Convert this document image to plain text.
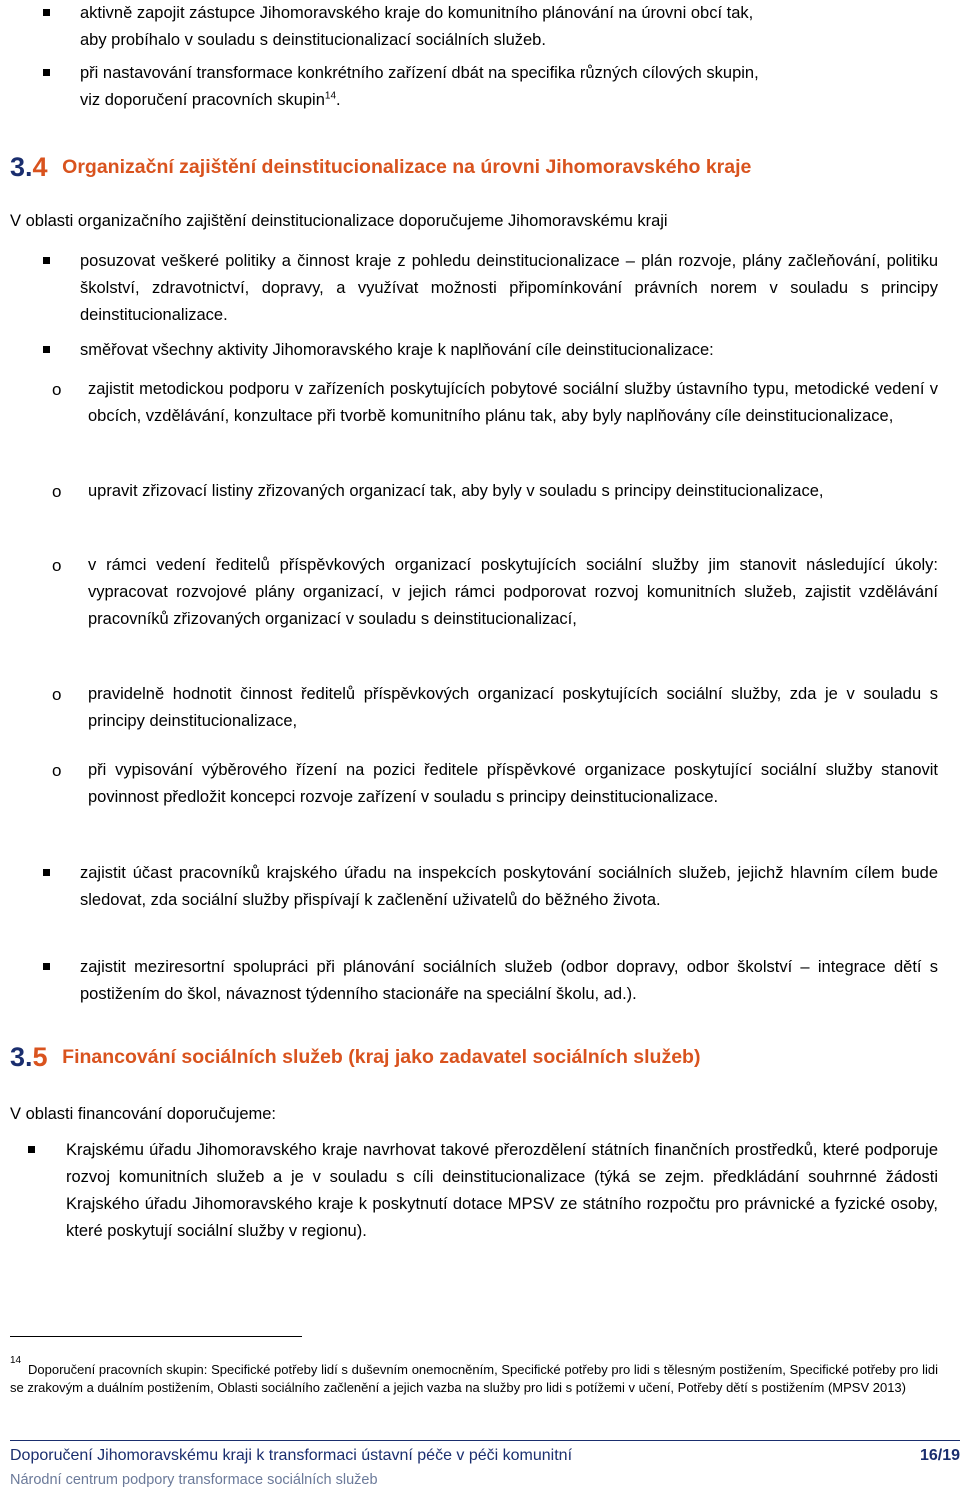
aktivně zapojit zástupce Jihomoravského kraje do komunitního plánování na úrovni obcí tak,
aby probíhalo v souladu s deinstitucionalizací sociálních služeb.
při nastavování transformace konkrétního zařízení dbát na specifika různých cílových skupin,
viz doporučení pracovních skupin$^{14}$.
3.4 Organizační zajištění deinstitucionalizace na úrovni Jihomoravského kraje
V oblasti organizačního zajištění deinstitucionalizace doporučujeme Jihomoravskému kraji
posuzovat veškeré politiky a činnost kraje z pohledu deinstitucionalizace – plán rozvoje, plány začleňování, politiku školství, zdravotnictví, dopravy, a využívat možnosti připomínkování právních norem v souladu s principy deinstitucionalizace.
směřovat všechny aktivity Jihomoravského kraje k naplňování cíle deinstitucionalizace:
o zajistit metodickou podporu v zařízeních poskytujících pobytové sociální služby ústavního typu, metodické vedení v obcích, vzdělávání, konzultace při tvorbě komunitního plánu tak, aby byly naplňovány cíle deinstitucionalizace,
o upravit zřizovací listiny zřizovaných organizací tak, aby byly v souladu s principy deinstitucionalizace,
o v rámci vedení ředitelů příspěvkových organizací poskytujících sociální služby jim stanovit následující úkoly: vypracovat rozvojové plány organizací, v jejich rámci podporovat rozvoj komunitních služeb, zajistit vzdělávání pracovníků zřizovaných organizací v souladu s deinstitucionalizací,
o pravidelně hodnotit činnost ředitelů příspěvkových organizací poskytujících sociální služby, zda je v souladu s principy deinstitucionalizace,
o při vypisování výběrového řízení na pozici ředitele příspěvkové organizace poskytující sociální služby stanovit povinnost předložit koncepci rozvoje zařízení v souladu s principy deinstitucionalizace.
zajistit účast pracovníků krajského úřadu na inspekcích poskytování sociálních služeb, jejichž hlavním cílem bude sledovat, zda sociální služby přispívají k začlenění uživatelů do běžného života.
zajistit meziresortní spolupráci při plánování sociálních služeb (odbor dopravy, odbor školství – integrace dětí s postižením do škol, návaznost týdenního stacionáře na speciální školu, ad.).
3.5 Financování sociálních služeb (kraj jako zadavatel sociálních služeb)
V oblasti financování doporučujeme:
Krajskému úřadu Jihomoravského kraje navrhovat takové přerozdělení státních finančních prostředků, které podporuje rozvoj komunitních služeb a je v souladu s cíli deinstitucionalizace (týká se zejm. předkládání souhrnné žádosti Krajského úřadu Jihomoravského kraje k poskytnutí dotace MPSV ze státního rozpočtu pro právnické a fyzické osoby, které poskytují sociální služby v regionu).
14
Doporučení pracovních skupin: Specifické potřeby lidí s duševním onemocněním, Specifické potřeby pro lidi s tělesným postižením, Specifické potřeby pro lidi se zrakovým a duálním postižením, Oblasti sociálního začlenění a jejich vazba na služby pro lidi s potížemi v učení, Potřeby dětí s postižením (MPSV 2013)
Doporučení Jihomoravskému kraji k transformaci ústavní péče v péči komunitní	16/19
Národní centrum podpory transformace sociálních služeb
